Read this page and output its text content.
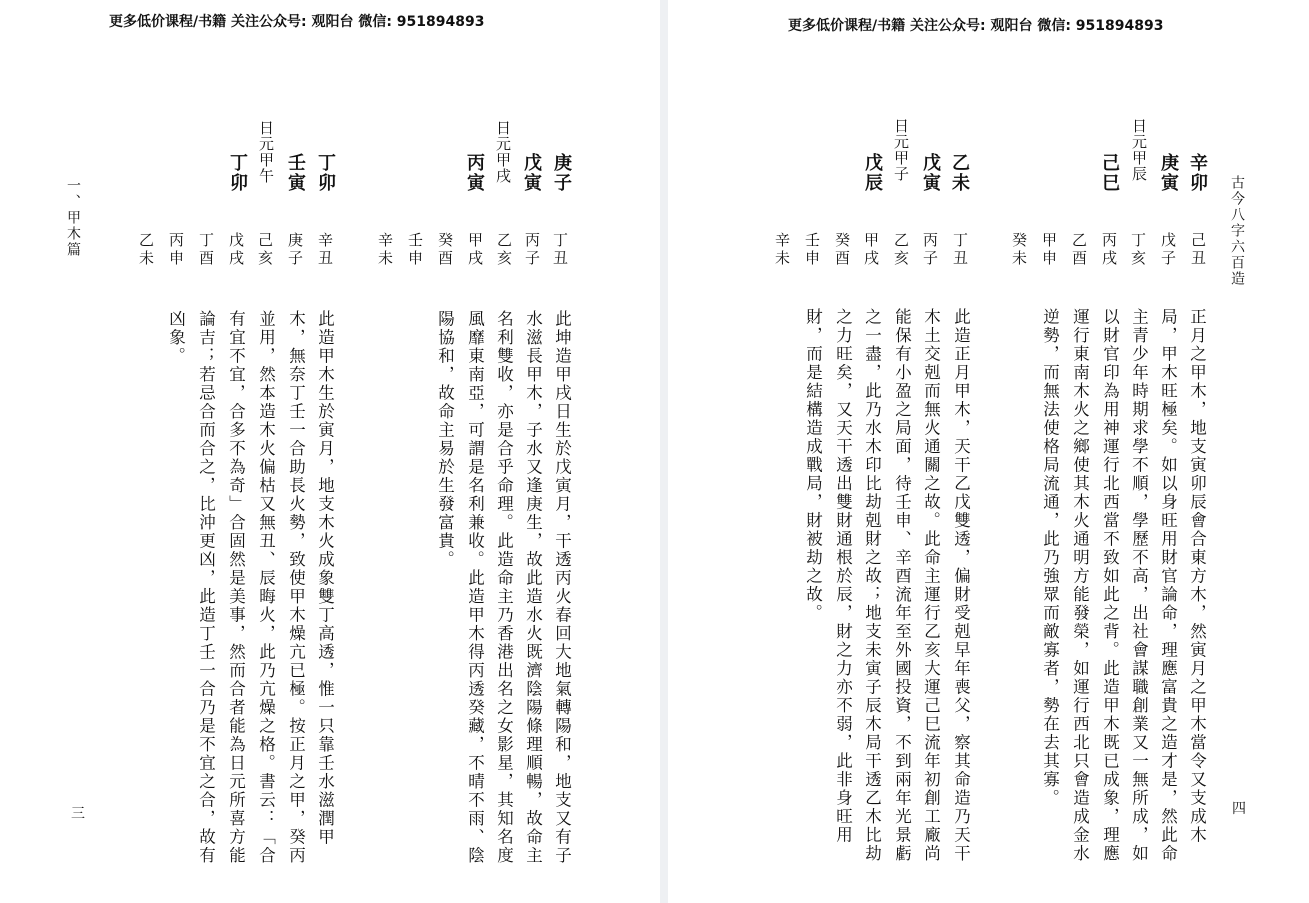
更多低价课程/书籍 关注公众号: 观阳台 微信: 951894893
一、甲木篇
三
庚子
戊寅
日元甲戌
丙寅
丁丑
丙子
乙亥
甲戌
癸酉
壬申
辛未
此坤造甲戌日生於戊寅月，干透丙火春回大地氣轉陽和，地支又有子
水滋長甲木，子水又逢庚生，故此造水火既濟陰陽條理順暢，故命主
名利雙收，亦是合乎命理。此造命主乃香港出名之女影星，其知名度
風靡東南亞，可謂是名利兼收。此造甲木得丙透癸藏，不晴不雨、陰
陽協和，故命主易於生發富貴。
丁卯
壬寅
日元甲午
丁卯
辛丑
庚子
己亥
戊戌
丁酉
丙申
乙未
此造甲木生於寅月，地支木火成象雙丁高透，惟一只靠壬水滋潤甲
木，無奈丁壬一合助長火勢，致使甲木燥亢已極。按正月之甲，癸丙
並用，然本造木火偏枯又無丑、辰晦火，此乃亢燥之格。書云：「合
有宜不宜，合多不為奇」合固然是美事，然而合者能為日元所喜方能
論吉；若忌合而合之，比沖更凶，此造丁壬一合乃是不宜之合，故有
凶象。
更多低价课程/书籍 关注公众号: 观阳台 微信: 951894893
古今八字六百造
四
辛卯
庚寅
日元甲辰
己巳
己丑
戊子
丁亥
丙戌
乙酉
甲申
癸未
正月之甲木，地支寅卯辰會合東方木，然寅月之甲木當令又支成木
局，甲木旺極矣。如以身旺用財官論命，理應富貴之造才是，然此命
主青少年時期求學不順，學歷不高，出社會謀職創業又一無所成，如
以財官印為用神運行北西當不致如此之背。此造甲木既已成象，理應
運行東南木火之鄉使其木火通明方能發榮，如運行西北只會造成金水
逆勢，而無法使格局流通，此乃強眾而敵寡者，勢在去其寡。
乙未
戊寅
日元甲子
戊辰
丁丑
丙子
乙亥
甲戌
癸酉
壬申
辛未
此造正月甲木，天干乙戊雙透，偏財受剋早年喪父，察其命造乃天干
木土交剋而無火通關之故。此命主運行乙亥大運己巳流年初創工廠尚
能保有小盈之局面，待壬申、辛酉流年至外國投資，不到兩年光景虧
之一盡，此乃水木印比劫剋財之故；地支未寅子辰木局干透乙木比劫
之力旺矣，又天干透出雙財通根於辰，財之力亦不弱，此非身旺用
財，而是結構造成戰局，財被劫之故。
